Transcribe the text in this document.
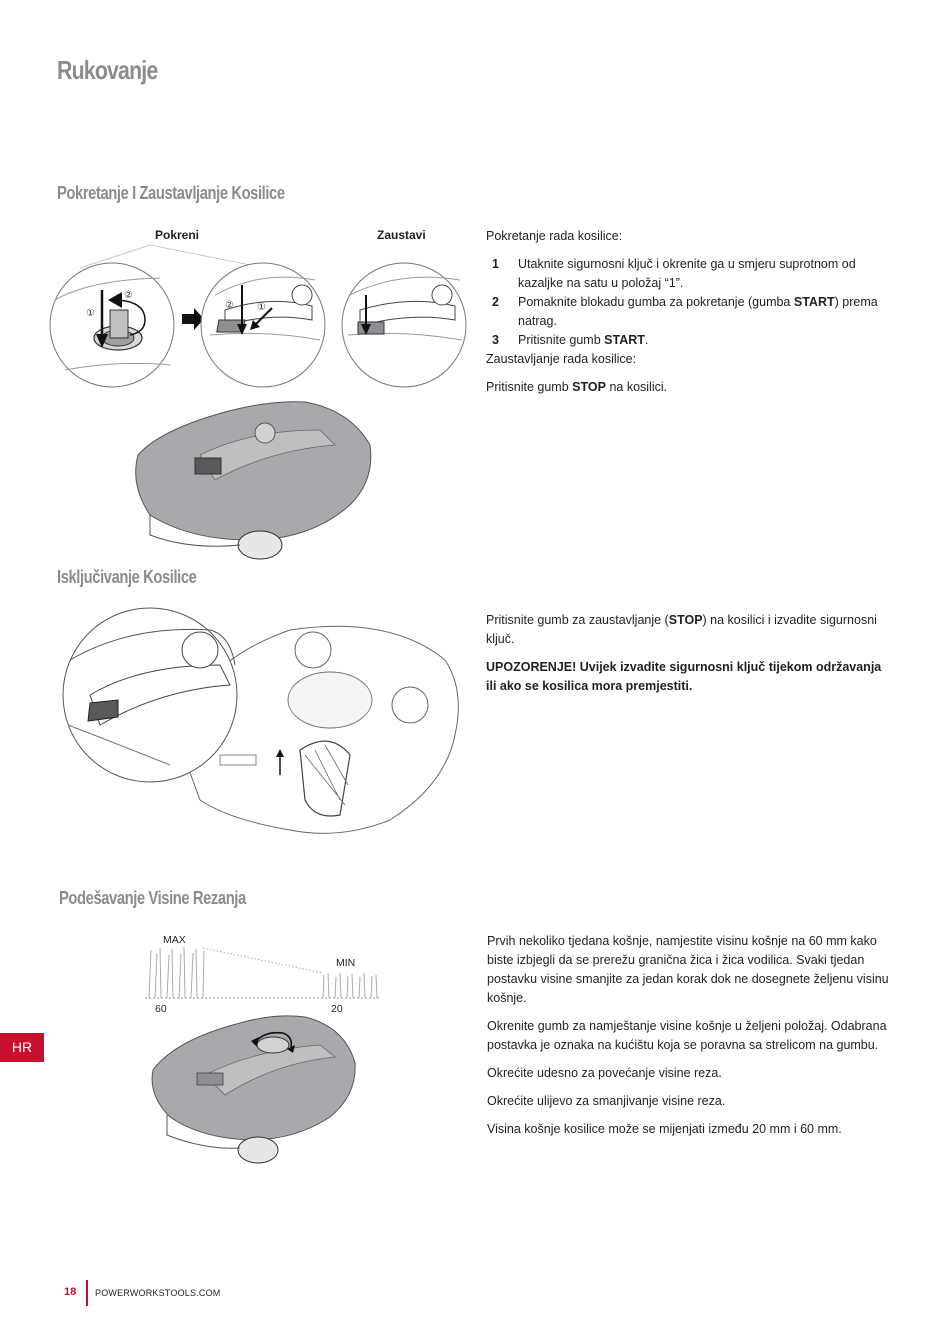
Rukovanje
Pokretanje I Zaustavljanje Kosilice
Pokreni	Zaustavi
①
②
② ①

Pokretanje rada kosilice:

1	Utaknite sigurnosni ključ i okrenite ga u smjeru suprotnom od kazaljke na satu u položaj “1”.
2	Pomaknite blokadu gumba za pokretanje (gumba START) prema natrag.
3	Pritisnite gumb START.

Zaustavljanje rada kosilice:

Pritisnite gumb STOP na kosilici.

Isključivanje Kosilice

Pritisnite gumb za zaustavljanje (STOP) na kosilici i izvadite sigurnosni ključ.

UPOZORENJE! Uvijek izvadite sigurnosni ključ tijekom održavanja ili ako se kosilica mora premjestiti.

Podešavanje Visine Rezanja
MAX
MIN
60	20

Prvih nekoliko tjedana košnje, namjestite visinu košnje na 60 mm kako biste izbjegli da se prerežu granična žica i žica vodilica. Svaki tjedan postavku visine smanjite za jedan korak dok ne dosegnete željenu visinu košnje.

Okrenite gumb za namještanje visine košnje u željeni položaj. Odabrana postavka je oznaka na kućištu koja se poravna sa strelicom na gumbu.

Okrećite udesno za povećanje visine reza.

Okrećite ulijevo za smanjivanje visine reza.

Visina košnje kosilice može se mijenjati između 20 mm i 60 mm.

HR
18 POWERWORKSTOOLS.COM
